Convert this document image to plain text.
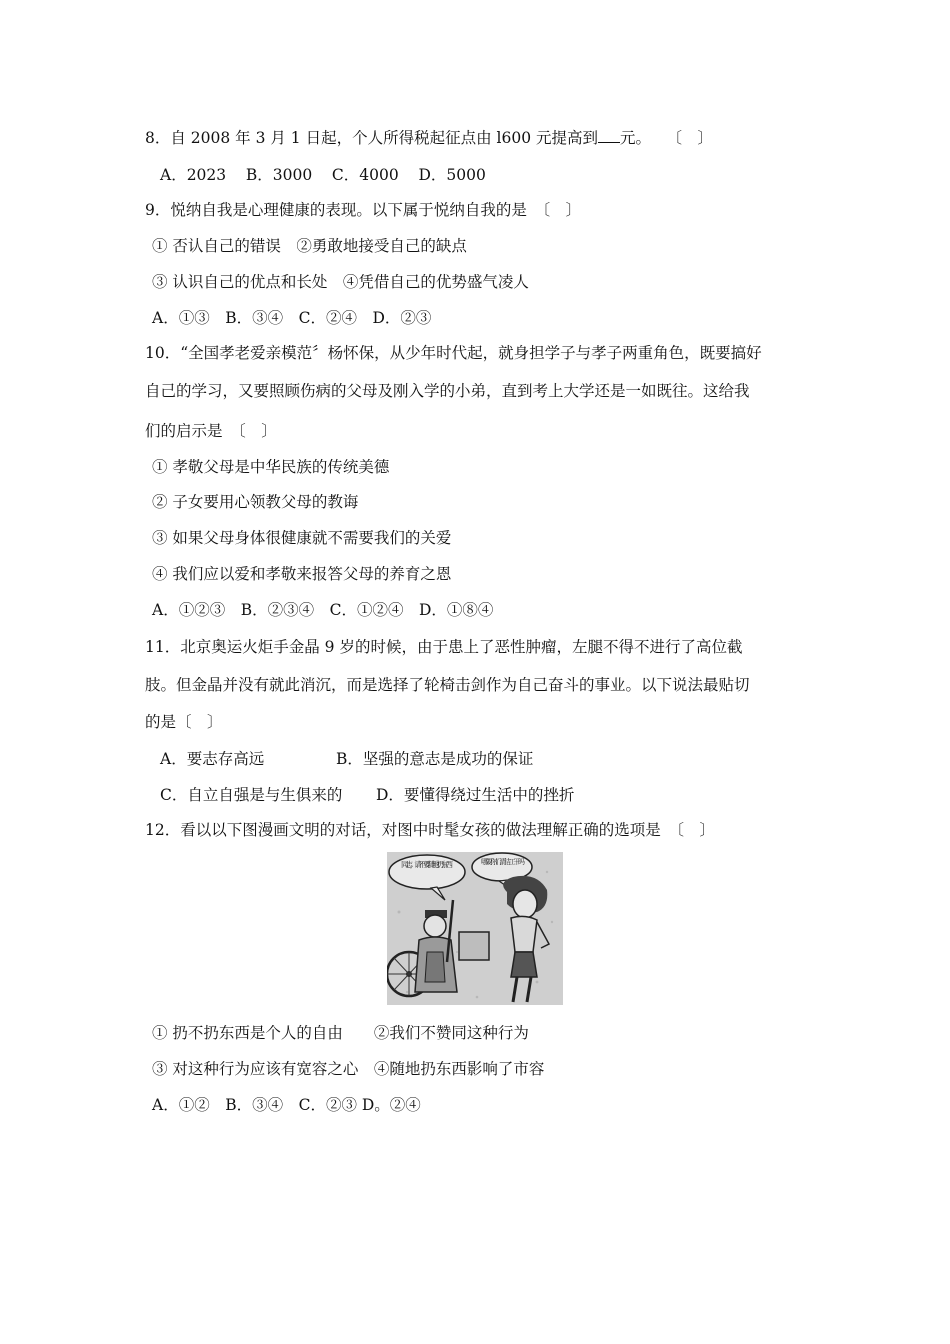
8．自 2008 年 3 月 1 日起，个人所得税起征点由 l600 元提高到 元。　　 〔　〕
A．2023 B．3000 C．4000 D．5000
9．悦纳自我是心理健康的表现。以下属于悦纳自我的是　〔　〕
① 否认自己的错误　②勇敢地接受自己的缺点
③ 认识自己的优点和长处　④凭借自己的优势盛气凌人
A．①③　B．③④　C．②④　D．②③
10．“全国孝老爱亲模范〞杨怀保，从少年时代起，就身担学子与孝子两重角色，既要搞好
自己的学习，又要照顾伤病的父母及刚入学的小弟，直到考上大学还是一如既往。这给我
们的启示是　〔　〕
① 孝敬父母是中华民族的传统美德
② 子女要用心领教父母的教诲
③ 如果父母身体很健康就不需要我们的关爱
④ 我们应以爱和孝敬来报答父母的养育之恩
A．①②③　B．②③④　C．①②④　D．①⑧④
11．北京奥运火炬手金晶 9 岁的时候，由于患上了恶性肿瘤，左腿不得不进行了高位截
肢。但金晶并没有就此消沉，而是选择了轮椅击剑作为自己奋斗的事业。以下说法最贴切
的是〔　〕
A．要志存高远	B．坚强的意志是成功的保证
C．自立自强是与生俱来的 D．要懂得绕过生活中的挫折
12．看以以下图漫画文明的对话，对图中时髦女孩的做法理解正确的选项是　〔　〕
同志，请不要随地扔东西	哪要你们清洁工干吗
① 扔不扔东西是个人的自由　　②我们不赞同这种行为
③ 对这种行为应该有宽容之心　④随地扔东西影响了市容
A．①②　B．③④　C．②③ D。②④
